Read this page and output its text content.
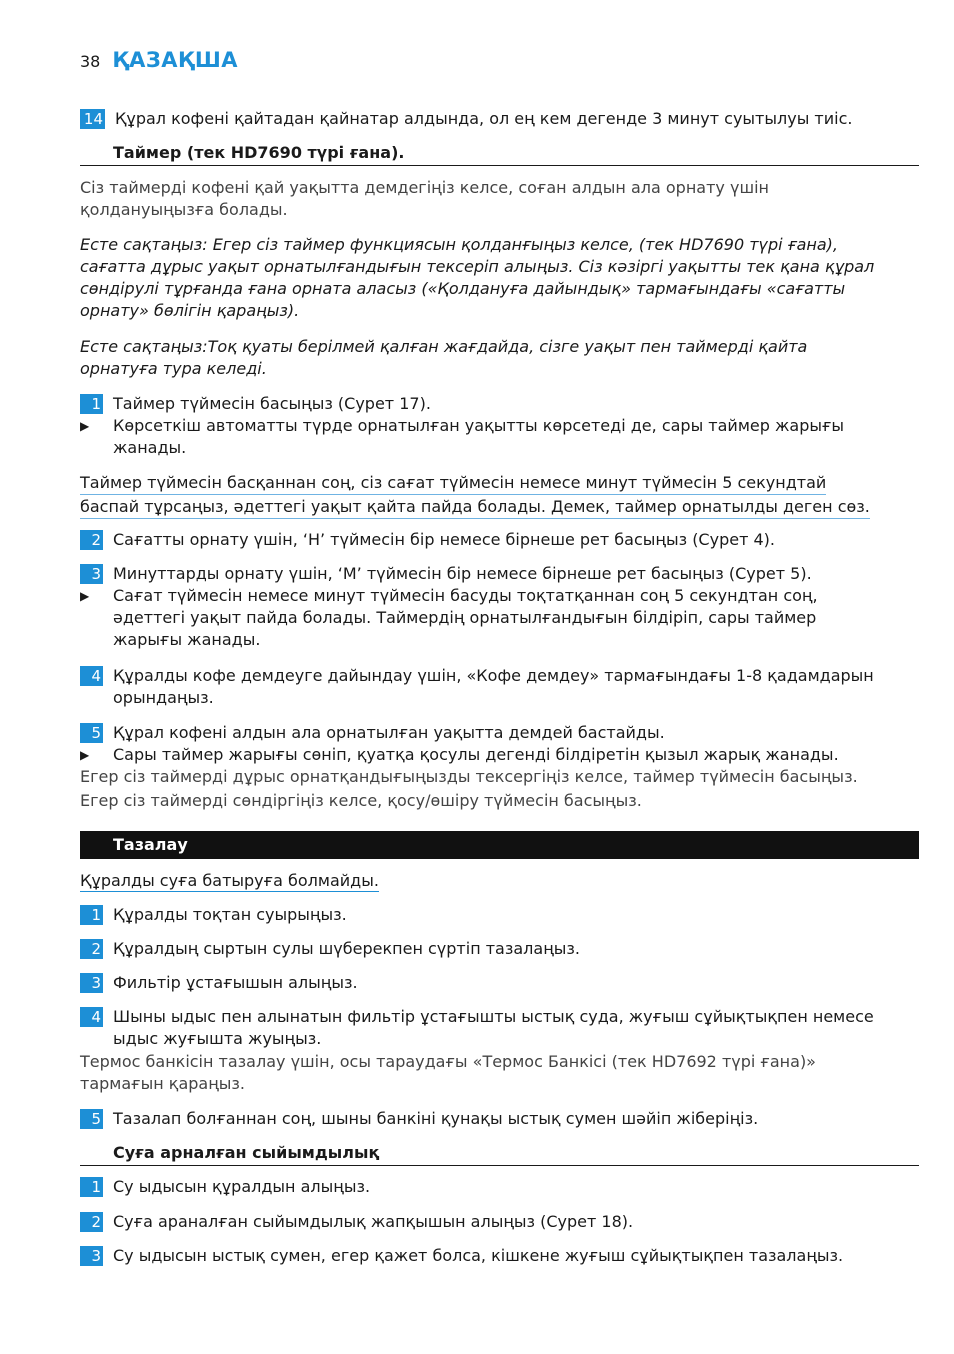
38 ҚАЗАҚША
14 Құрал кофені қайтадан қайнатар алдында, ол ең кем дегенде 3 минут суытылуы тиіс.
Таймер (тек HD7690 түрі ғана).
Сіз таймерді кофені қай уақытта демдегіңіз келсе, соған алдын ала орнату үшін қолдануыңызға болады.
Есте сақтаңыз: Егер сіз таймер функциясын қолданғыңыз келсе, (тек HD7690 түрі ғана), сағатта дұрыс уақыт орнатылғандығын тексеріп алыңыз. Сіз кәзіргі уақытты тек қана құрал сөндірулі тұрғанда ғана орната аласыз («Қолдануға дайындық» тармағындағы «сағатты орнату» бөлігін қараңыз).
Есте сақтаңыз:Тоқ қуаты берілмей қалған жағдайда, сізге уақыт пен таймерді қайта орнатуға тура келеді.
1 Таймер түймесін басыңыз (Сурет 17).
▶	Көрсеткіш автоматты түрде орнатылған уақытты көрсетеді де, сары таймер жарығы жанады.
Таймер түймесін басқаннан соң, сіз сағат түймесін немесе минут түймесін 5 секундтай
баспай тұрсаңыз, әдеттегі уақыт қайта пайда болады. Демек, таймер орнатылды деген сөз.
2 Сағатты орнату үшін, ‘H’ түймесін бір немесе бірнеше рет басыңыз (Сурет 4).
3 Минуттарды орнату үшін, ‘M’ түймесін бір немесе бірнеше рет басыңыз (Сурет 5).
▶	Сағат түймесін немесе минут түймесін басуды тоқтатқаннан соң 5 секундтан соң, әдеттегі уақыт пайда болады. Таймердің орнатылғандығын білдіріп, сары таймер жарығы жанады.
4 Құралды кофе демдеуге дайындау үшін, «Кофе демдеу» тармағындағы 1-8 қадамдарын орындаңыз.
5 Құрал кофені алдын ала орнатылған уақытта демдей бастайды.
▶	Сары таймер жарығы сөніп, қуатқа қосулы дегенді білдіретін қызыл жарық жанады.
Егер сіз таймерді дұрыс орнатқандығыңызды тексергіңіз келсе, таймер түймесін басыңыз.
Егер сіз таймерді сөндіргіңіз келсе, қосу/өшіру түймесін басыңыз.
Тазалау
Құралды суға батыруға болмайды.
1 Құралды тоқтан суырыңыз.
2 Құралдың сыртын сулы шүберекпен сүртіп тазалаңыз.
3 Фильтір ұстағышын алыңыз.
4 Шыны ыдыс пен алынатын фильтір ұстағышты ыстық суда, жуғыш сұйықтықпен немесе ыдыс жуғышта жуыңыз.
Термос банкісін тазалау үшін, осы тараудағы «Термос Банкісі (тек HD7692 түрі ғана)» тармағын қараңыз.
5 Тазалап болғаннан соң, шыны банкіні қунақы ыстық сумен шәйіп жіберіңіз.
Суға арналған сыйымдылық
1 Су ыдысын құралдын алыңыз.
2 Суға араналған сыйымдылық жапқышын алыңыз (Сурет 18).
3 Су ыдысын ыстық сумен, егер қажет болса, кішкене жуғыш сұйықтықпен тазалаңыз.
